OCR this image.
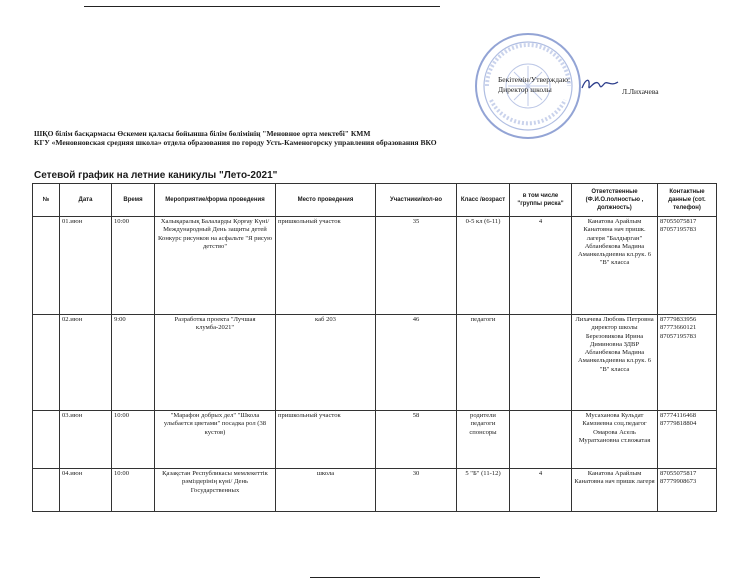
Бекітемін/Утверждаю:
Директор школы	Л.Лихачева
ШҚО білім басқармасы Өскемен қаласы бойынша білім бөлімінің "Меновное орта мектебі" КММ
КГУ «Меновновская средняя школа» отдела образования по городу Усть-Каменогорску управления образования ВКО
Сетевой график на летние каникулы "Лето-2021"
№	Дата	Время	Мероприятие/форма проведения	Место проведения	Участники/кол-во	Класс /возраст	в том числе "группы риска"	Ответственные (Ф.И.О.полностью , должность)	Контактные данные (сот. телефон)
	01.июн	10:00	Халықаралық Балаларды Қорғау Күні/ Международный День защиты детей Конкурс рисунков на асфальте "Я рисую детство"	пришкольный участок	35	0-5 кл (6-11)	4	Канатова Арайлым Канатовна нач пришк. лагеря "Балдырган" Абланбекова Мадина Аманкельдиевна кл.рук. 6 "В" класса	87055075817 87057195783
	02.июн	9:00	Разработка проекта "Лучшая клумба-2021"	каб 203	46	педагоги		Лихачева Любовь Петровна директор школы Березовикова Ирина Диминовна ЗДВР Абланбекова Мадина Аманкельдиевна кл.рук. 6 "В" класса	87779833956 87773660121 87057195783
	03.июн	10:00	"Марафон добрых дел" "Школа улыбается цветами" посадка рол (38 кустов)	пришкольный участок	58	родители педагоги спонсоры		Мусаханова Кульдат Камзиевна соц.педагог Омарова Асель Муратхановна ст.вожатая	87774116468 87779818804
	04.июн	10:00	Қазақстан Республикасы мемлекеттік рәміздерінің күні/ День Государственных	школа	30	5 "Б" (11-12)	4	Канатова Арайлым Канатовна нач пришк лагеря	87055075817 87779908673
